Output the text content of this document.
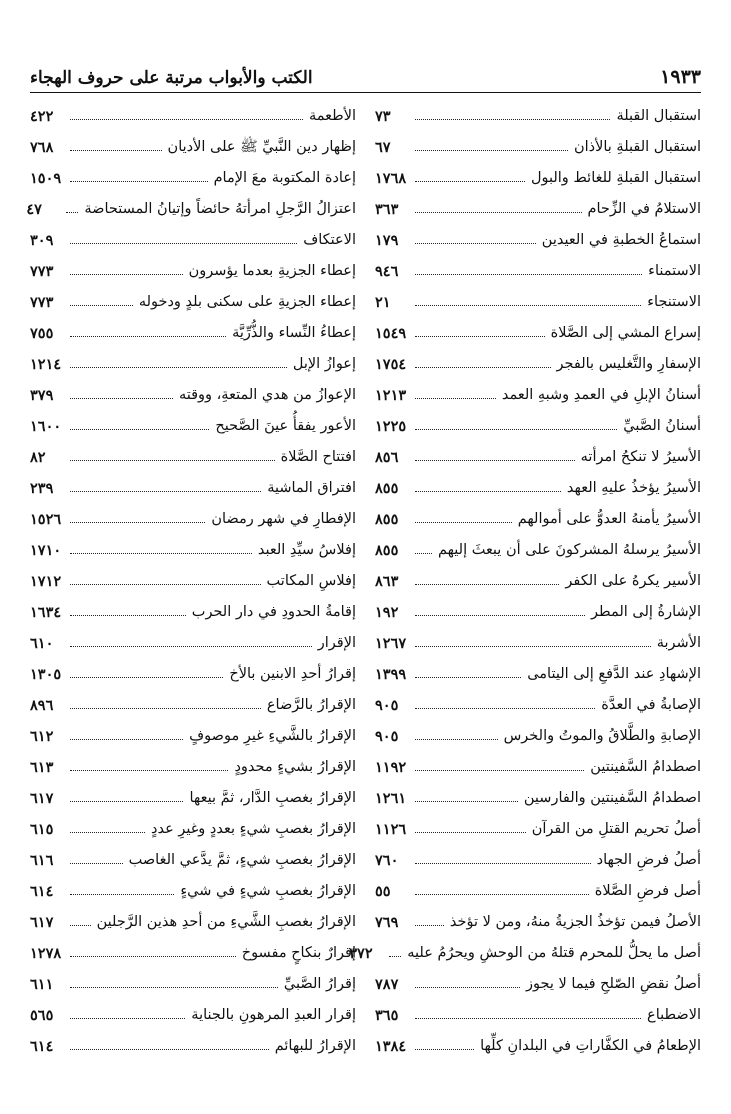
١٩٣٣
الكتب والأبواب مرتبة على حروف الهجاء
استقبال القبلة
٧٣
استقبال القبلةِ بالأذان
٦٧
استقبال القبلةِ للغائط والبول
١٧٦٨
الاستلامُ في الزِّحام
٣٦٣
استماعُ الخطبةِ في العيدين
١٧٩
الاستمناء
٩٤٦
الاستنجاء
٢١
إسراع المشي إلى الصَّلاة
١٥٤٩
الإسفارِ والتَّغليس بالفجر
١٧٥٤
أسنانُ الإبلِ في العمدِ وشبهِ العمد
١٢١٣
أسنانُ الصَّبيِّ
١٢٢٥
الأسيرُ لا تنكحُ امرأته
٨٥٦
الأسيرُ يؤخذُ عليهِ العهد
٨٥٥
الأسيرُ يأمنهُ العدوُّ على أموالهم
٨٥٥
الأسيرُ يرسلهُ المشركونَ على أن يبعثَ إليهم
٨٥٥
الأسير يكرهُ على الكفر
٨٦٣
الإشارةُ إلى المطر
١٩٢
الأشربة
١٢٦٧
الإشهادِ عند الدَّفعِ إلى اليتامى
١٣٩٩
الإصابةُ في العدَّة
٩٠٥
الإصابةِ والطَّلاقُ والموتُ والخرس
٩٠٥
اصطدامُ السَّفينتين
١١٩٢
اصطدامُ السَّفينتين والفارسين
١٢٦١
أصلُ تحريم القتلِ من القرآن
١١٢٦
أصلُ فرضِ الجهاد
٧٦٠
أصل فرضِ الصَّلاة
٥٥
الأصلُ فيمن تؤخذُ الجزيةُ منهُ، ومن لا تؤخذ
٧٦٩
أصل ما يحلُّ للمحرم قتلهُ من الوحشِ ويحرُمُ عليه
٣٧٢
أصلُ نقضِ الصّلحِ فيما لا يجوز
٧٨٧
الاضطباع
٣٦٥
الإطعامُ في الكفَّاراتِ في البلدانِ كلِّها
١٣٨٤
الأطعمة
٤٢٢
إظهار دين النَّبيِّ ﷺ على الأديان
٧٦٨
إعادة المكتوبة معَ الإمام
١٥٠٩
اعتزالُ الرَّجلِ امرأتهُ حائضاً وإتيانُ المستحاضة
٤٧
الاعتكاف
٣٠٩
إعطاء الجزيةِ بعدما يؤسرون
٧٧٣
إعطاء الجزيةِ على سكنى بلدٍ ودخوله
٧٧٣
إعطاءُ النِّساء والذُّرِّيَّة
٧٥٥
إعوازُ الإبل
١٢١٤
الإعوازُ من هدي المتعةِ، ووقته
٣٧٩
الأعور يفقأُ عينَ الصَّحيح
١٦٠٠
افتتاح الصَّلاة
٨٢
افتراق الماشية
٢٣٩
الإفطارِ في شهر رمضان
١٥٢٦
إفلاسُ سيِّدِ العبد
١٧١٠
إفلاسِ المكاتب
١٧١٢
إقامةُ الحدودِ في دار الحرب
١٦٣٤
الإقرار
٦١٠
إقرارُ أحدِ الابنين بالأخ
١٣٠٥
الإقرارُ بالرَّضاع
٨٩٦
الإقرارُ بالشَّيءِ غيرِ موصوفٍ
٦١٢
الإقرارُ بشيءٍ محدودٍ
٦١٣
الإقرارُ بغصبِ الدَّار، ثمَّ بيعها
٦١٧
الإقرارُ بغصبِ شيءٍ بعددٍ وغيرِ عددٍ
٦١٥
الإقرارُ بغصبِ شيءٍ، ثمَّ يدَّعي الغاصب
٦١٦
الإقرارُ بغصبِ شيءٍ في شيءٍ
٦١٤
الإقرارُ بغصبِ الشَّيءِ من أحدِ هذين الرَّجلين
٦١٧
إقرارٌ بنكاحٍ مفسوخ
١٢٧٨
إقرارُ الصَّبيِّ
٦١١
إقرار العبدِ المرهونِ بالجناية
٥٦٥
الإقرارُ للبهائم
٦١٤
